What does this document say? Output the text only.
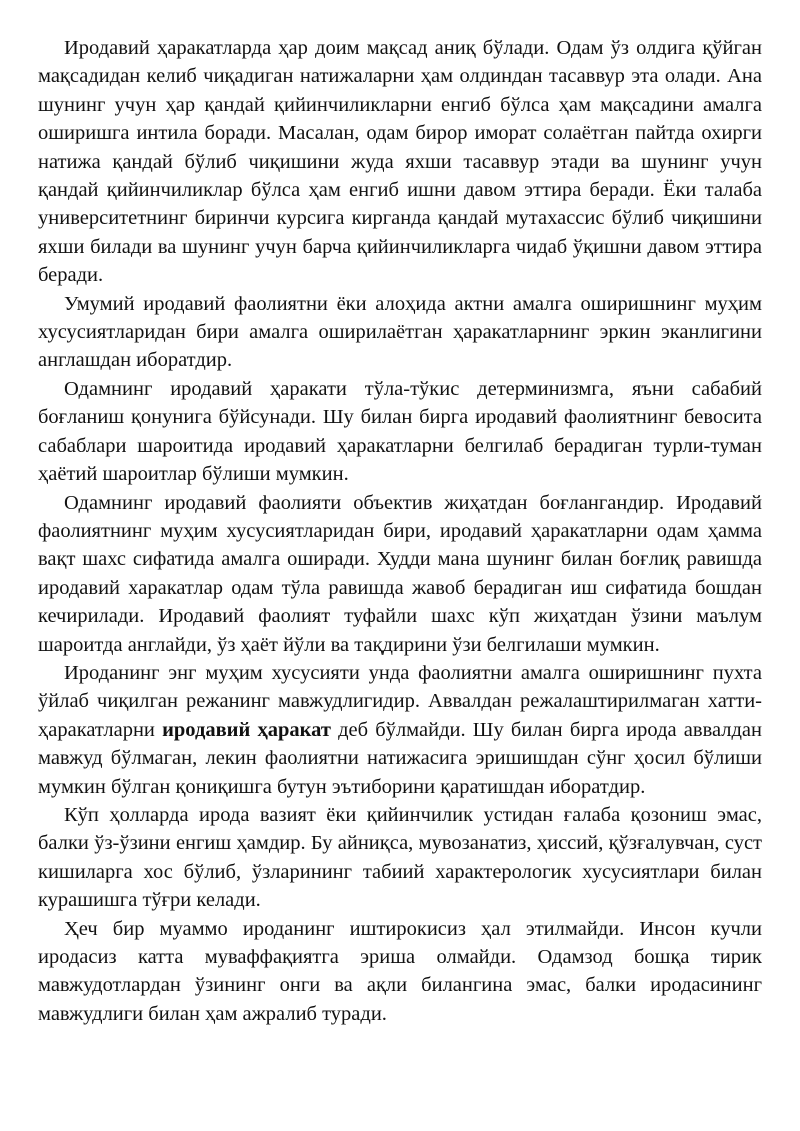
Иродавий ҳаракатларда ҳар доим мақсад аниқ бўлади. Одам ўз олдига қўйган мақсадидан келиб чиқадиган натижаларни ҳам олдиндан тасаввур эта олади. Ана шунинг учун ҳар қандай қийинчиликларни енгиб бўлса ҳам мақсадини амалга оширишга интила боради. Масалан, одам бирор иморат солаётган пайтда охирги натижа қандай бўлиб чиқишини жуда яхши тасаввур этади ва шунинг учун қандай қийинчиликлар бўлса ҳам енгиб ишни давом эттира беради. Ёки талаба университетнинг биринчи курсига кирганда қандай мутахассис бўлиб чиқишини яхши билади ва шунинг учун барча қийинчиликларга чидаб ўқишни давом эттира беради.

Умумий иродавий фаолиятни ёки алоҳида актни амалга оширишнинг муҳим хусусиятларидан бири амалга оширилаётган ҳаракатларнинг эркин эканлигини англашдан иборатдир.

Одамнинг иродавий ҳаракати тўла-тўкис детерминизмга, яъни сабабий боғланиш қонунига бўйсунади. Шу билан бирга иродавий фаолиятнинг бевосита сабаблари шароитида иродавий ҳаракатларни белгилаб берадиган турли-туман ҳаётий шароитлар бўлиши мумкин.

Одамнинг иродавий фаолияти объектив жиҳатдан боғлангандир. Иродавий фаолиятнинг муҳим хусусиятларидан бири, иродавий ҳаракатларни одам ҳамма вақт шахс сифатида амалга оширади. Худди мана шунинг билан боғлиқ равишда иродавий харакатлар одам тўла равишда жавоб берадиган иш сифатида бошдан кечирилади. Иродавий фаолият туфайли шахс кўп жиҳатдан ўзини маълум шароитда англайди, ўз ҳаёт йўли ва тақдирини ўзи белгилаши мумкин.

Ироданинг энг муҳим хусусияти унда фаолиятни амалга оширишнинг пухта ўйлаб чиқилган режанинг мавжудлигидир. Аввалдан режалаштирилмаган хатти-ҳаракатларни иродавий ҳаракат деб бўлмайди. Шу билан бирга ирода аввалдан мавжуд бўлмаган, лекин фаолиятни натижасига эришишдан сўнг ҳосил бўлиши мумкин бўлган қониқишга бутун эътиборини қаратишдан иборатдир.

Кўп ҳолларда ирода вазият ёки қийинчилик устидан ғалаба қозониш эмас, балки ўз-ўзини енгиш ҳамдир. Бу айниқса, мувозанатиз, ҳиссий, қўзғалувчан, суст кишиларга хос бўлиб, ўзларининг табиий характерологик хусусиятлари билан курашишга тўғри келади.

Ҳеч бир муаммо ироданинг иштирокисиз ҳал этилмайди. Инсон кучли иродасиз катта муваффақиятга эриша олмайди. Одамзод бошқа тирик мавжудотлардан ўзининг онги ва ақли билангина эмас, балки иродасининг мавжудлиги билан ҳам ажралиб туради.
